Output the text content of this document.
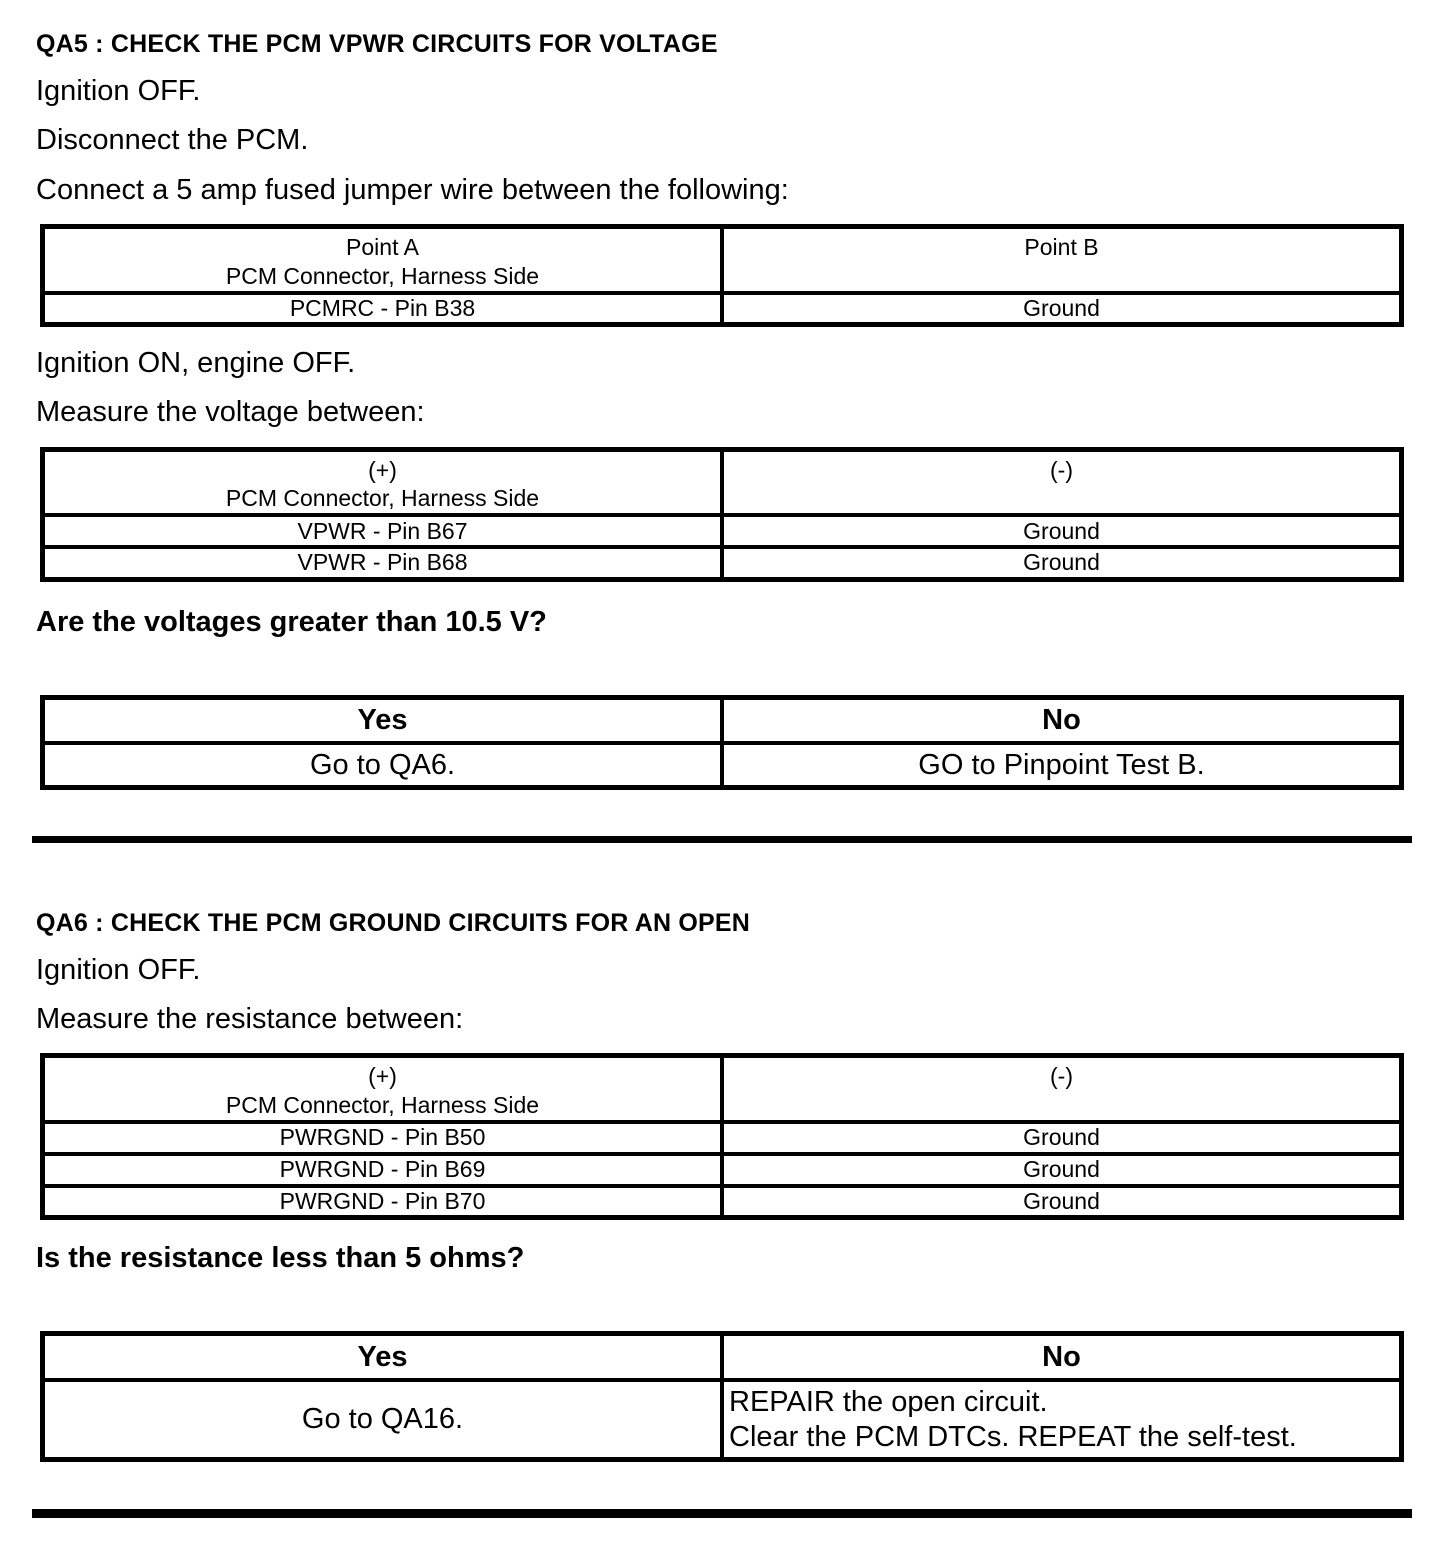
QA5 : CHECK THE PCM VPWR CIRCUITS FOR VOLTAGE

Ignition OFF.

Disconnect the PCM.

Connect a 5 amp fused jumper wire between the following:

Point A
PCM Connector, Harness Side	Point B

PCMRC - Pin B38	Ground

Ignition ON, engine OFF.

Measure the voltage between:

(+)
PCM Connector, Harness Side	(-)

VPWR - Pin B67	Ground
VPWR - Pin B68	Ground

Are the voltages greater than 10.5 V?

Yes	No
Go to QA6.	GO to Pinpoint Test B.
QA6 : CHECK THE PCM GROUND CIRCUITS FOR AN OPEN

Ignition OFF.

Measure the resistance between:

(+)
PCM Connector, Harness Side	(-)

PWRGND - Pin B50	Ground
PWRGND - Pin B69	Ground
PWRGND - Pin B70	Ground

Is the resistance less than 5 ohms?

Yes	No
Go to QA16.	REPAIR the open circuit.
Clear the PCM DTCs. REPEAT the self-test.
